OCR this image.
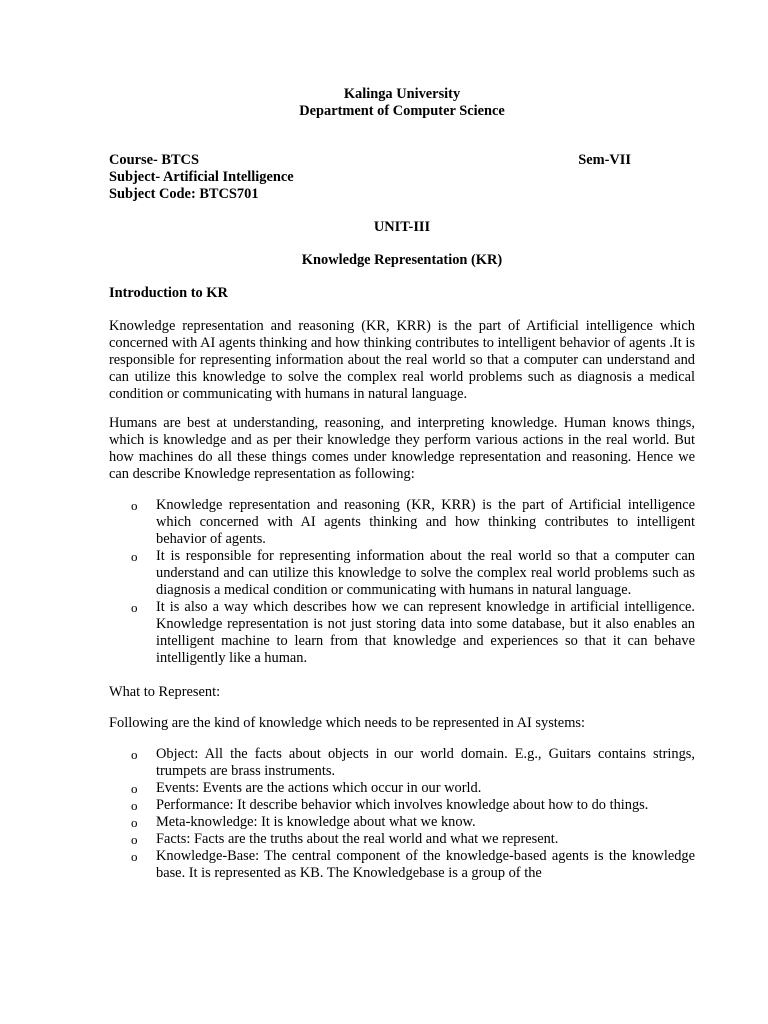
Kalinga University
Department of Computer Science
Course- BTCS	Sem-VII
Subject- Artificial Intelligence
Subject Code: BTCS701
UNIT-III
Knowledge Representation (KR)
Introduction to KR

Knowledge representation and reasoning (KR, KRR) is the part of Artificial intelligence which concerned with AI agents thinking and how thinking contributes to intelligent behavior of agents .It is responsible for representing information about the real world so that a computer can understand and can utilize this knowledge to solve the complex real world problems such as diagnosis a medical condition or communicating with humans in natural language.

Humans are best at understanding, reasoning, and interpreting knowledge. Human knows things, which is knowledge and as per their knowledge they perform various actions in the real world. But how machines do all these things comes under knowledge representation and reasoning. Hence we can describe Knowledge representation as following:

o Knowledge representation and reasoning (KR, KRR) is the part of Artificial intelligence which concerned with AI agents thinking and how thinking contributes to intelligent behavior of agents.
o It is responsible for representing information about the real world so that a computer can understand and can utilize this knowledge to solve the complex real world problems such as diagnosis a medical condition or communicating with humans in natural language.
o It is also a way which describes how we can represent knowledge in artificial intelligence. Knowledge representation is not just storing data into some database, but it also enables an intelligent machine to learn from that knowledge and experiences so that it can behave intelligently like a human.
What to Represent:
Following are the kind of knowledge which needs to be represented in AI systems:
o Object: All the facts about objects in our world domain. E.g., Guitars contains strings, trumpets are brass instruments.
o Events: Events are the actions which occur in our world.
o Performance: It describe behavior which involves knowledge about how to do things.
o Meta-knowledge: It is knowledge about what we know.
o Facts: Facts are the truths about the real world and what we represent.
o Knowledge-Base: The central component of the knowledge-based agents is the knowledge base. It is represented as KB. The Knowledgebase is a group of the
